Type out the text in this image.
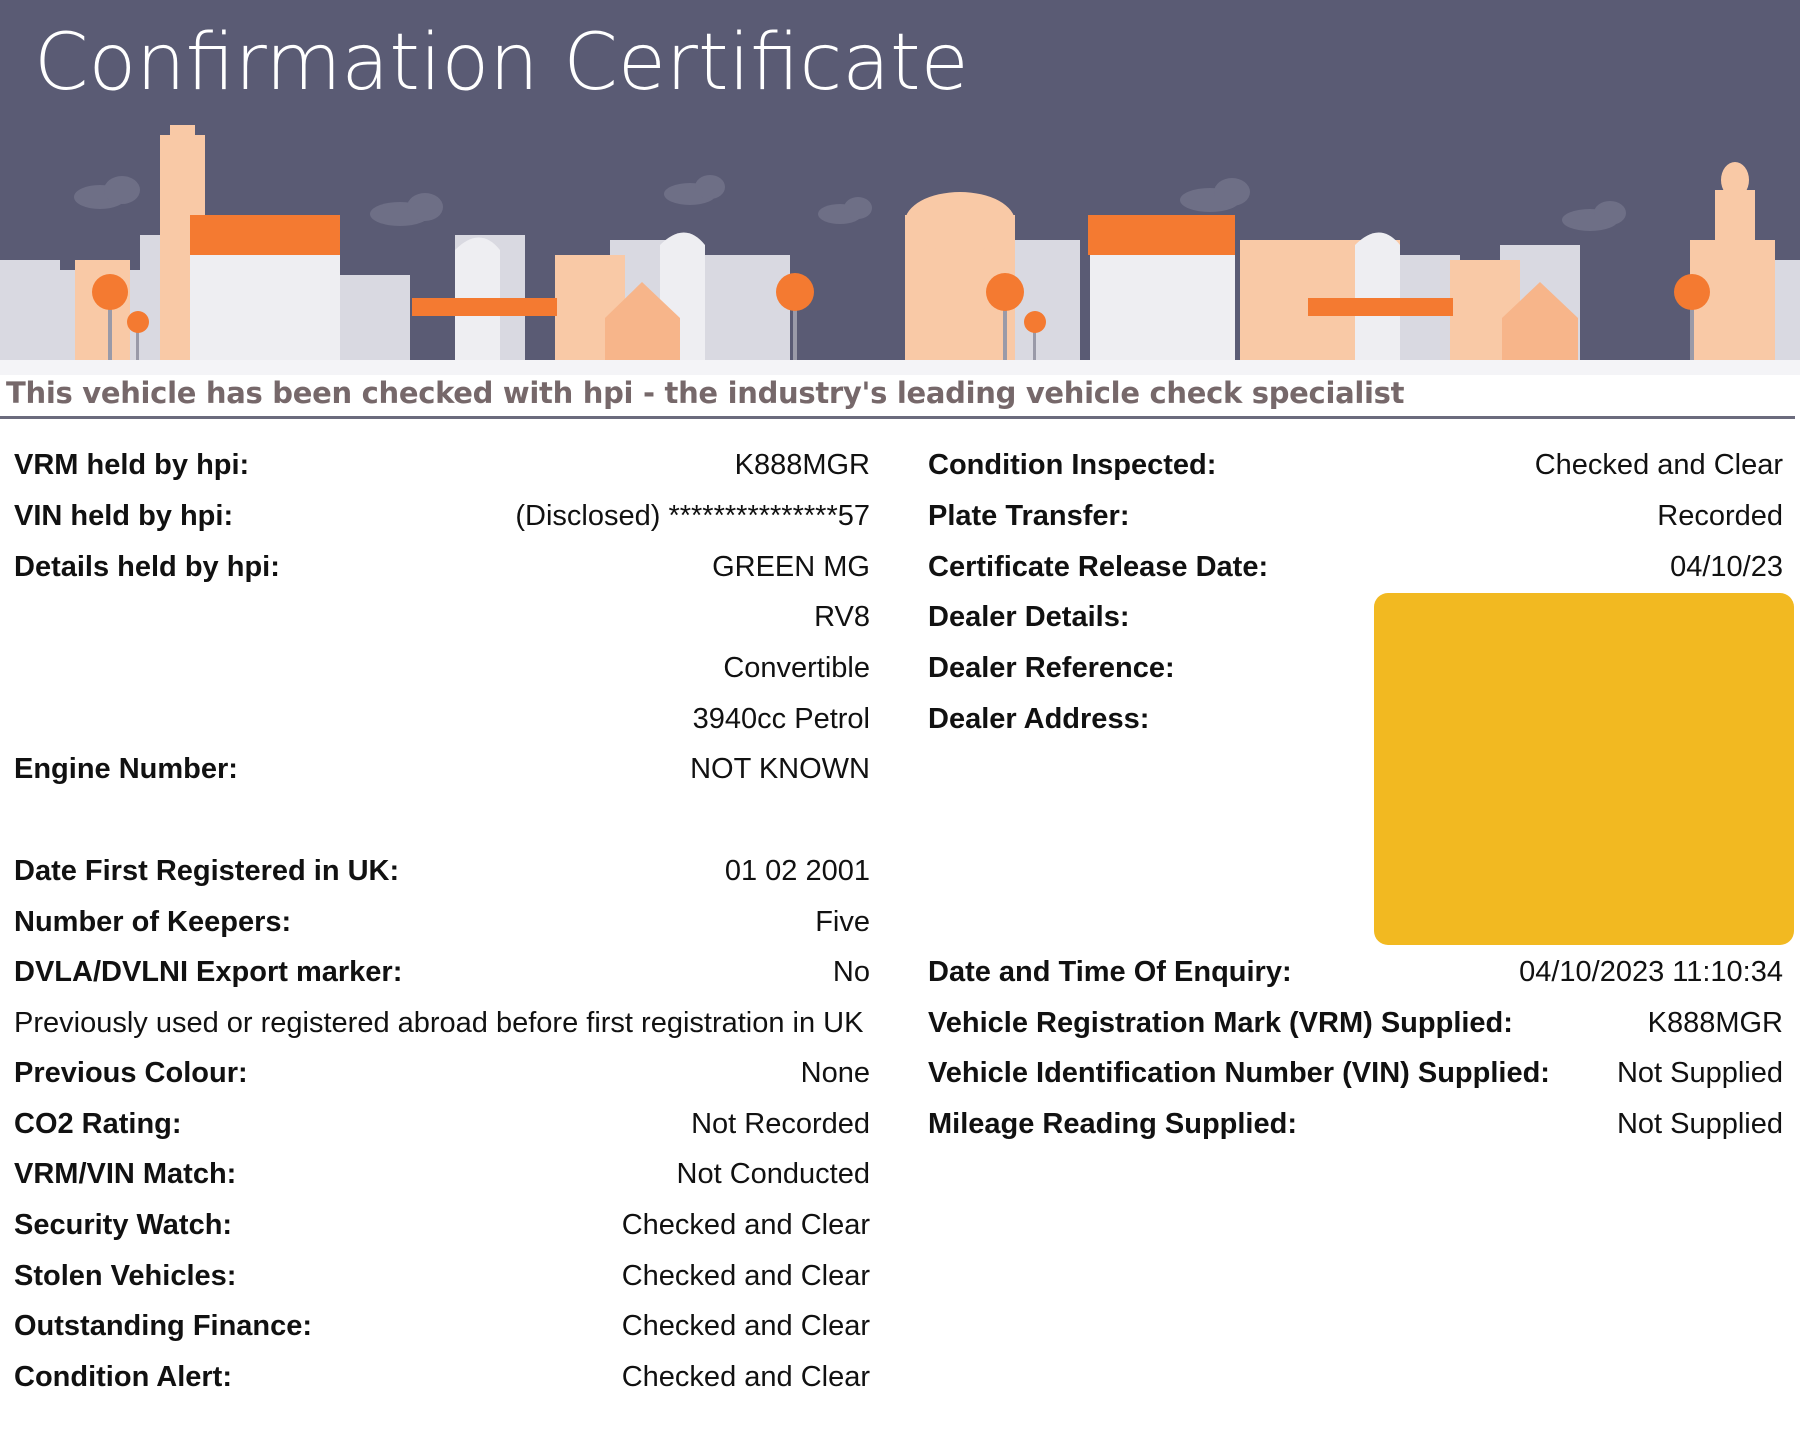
Confirmation Certificate
This vehicle has been checked with hpi - the industry's leading vehicle check specialist
VRM held by hpi:	K888MGR
VIN held by hpi:	(Disclosed) ***************57
Details held by hpi:	GREEN MG
RV8
Convertible
3940cc Petrol
Engine Number:	NOT KNOWN
Date First Registered in UK:	01 02 2001
Number of Keepers:	Five
DVLA/DVLNI Export marker:	No
Previous Colour:	None
CO2 Rating:	Not Recorded
VRM/VIN Match:	Not Conducted
Security Watch:	Checked and Clear
Stolen Vehicles:	Checked and Clear
Outstanding Finance:	Checked and Clear
Condition Alert:	Checked and Clear
Condition Inspected:	Checked and Clear
Plate Transfer:	Recorded
Certificate Release Date:	04/10/23
Dealer Details:
Dealer Reference:
Dealer Address:
Date and Time Of Enquiry:	04/10/2023 11:10:34
Vehicle Registration Mark (VRM) Supplied:	K888MGR
Vehicle Identification Number (VIN) Supplied: Not Supplied
Mileage Reading Supplied:	Not Supplied
Previously used or registered abroad before first registration in UK
